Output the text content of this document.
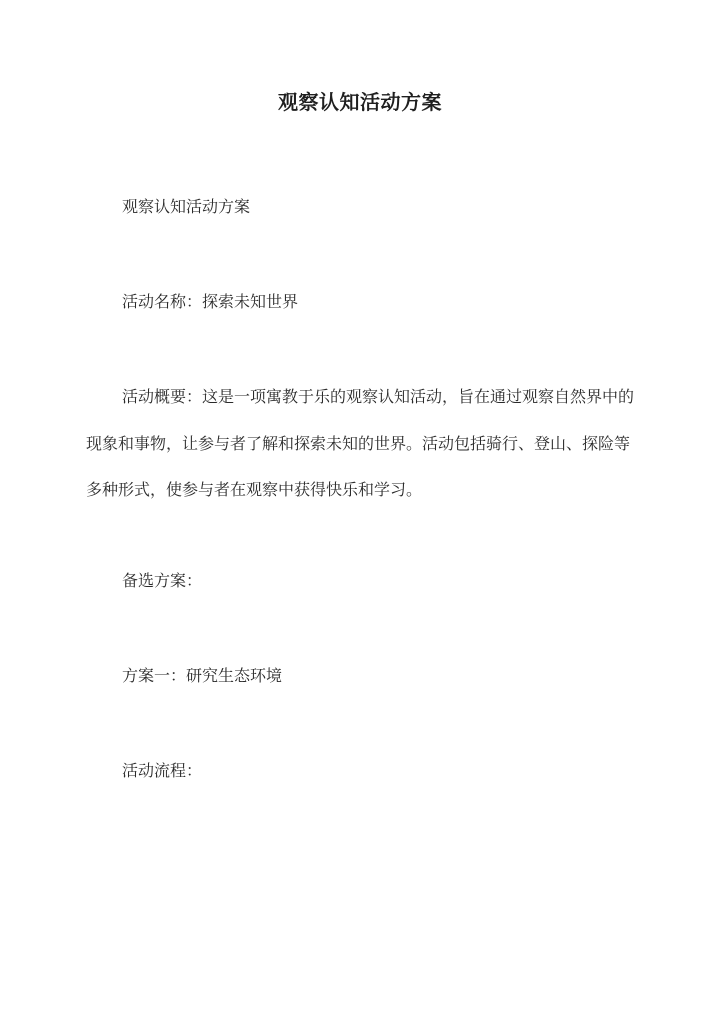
观察认知活动方案
观察认知活动方案
活动名称：探索未知世界
活动概要：这是一项寓教于乐的观察认知活动，旨在通过观察自然界中的现象和事物，让参与者了解和探索未知的世界。活动包括骑行、登山、探险等多种形式，使参与者在观察中获得快乐和学习。
备选方案：
方案一：研究生态环境
活动流程：
